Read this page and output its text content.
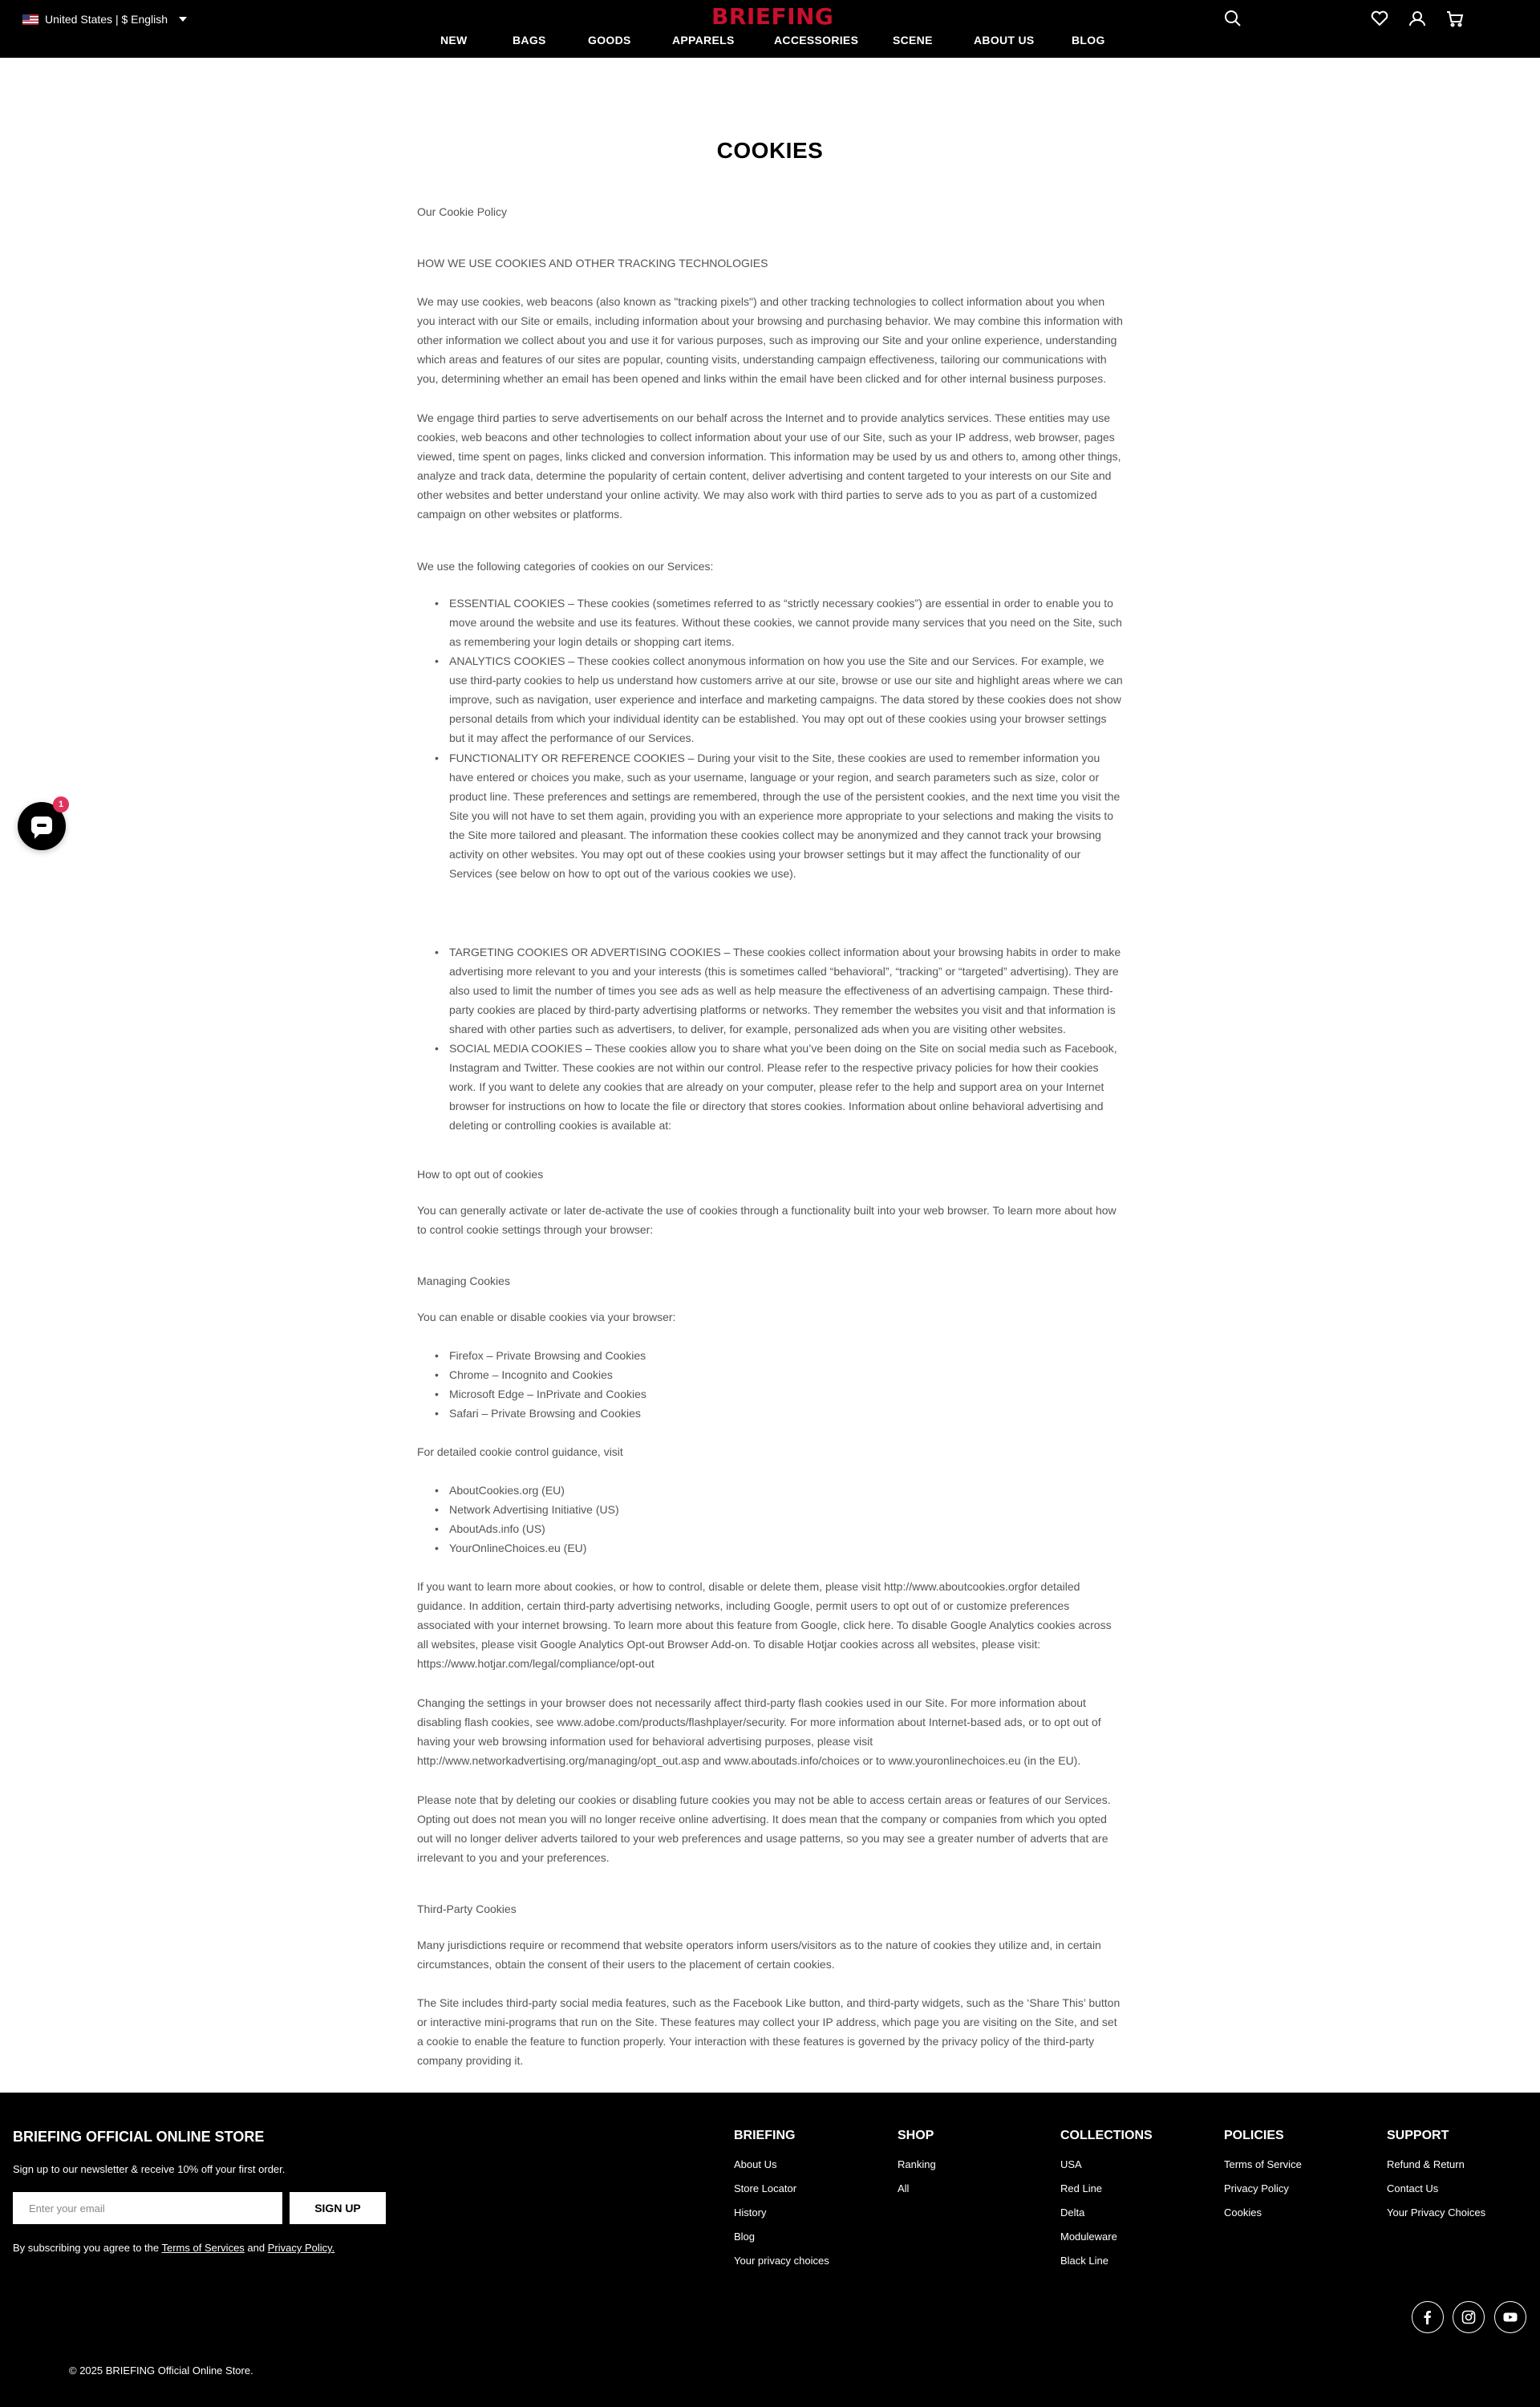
United States | $ English	BRIEFING
NEW	BAGS	GOODS	APPARELS	ACCESSORIES	SCENE	ABOUT US	BLOG
COOKIES
Our Cookie Policy
HOW WE USE COOKIES AND OTHER TRACKING TECHNOLOGIES
We may use cookies, web beacons (also known as "tracking pixels") and other tracking technologies to collect information about you when you interact with our Site or emails, including information about your browsing and purchasing behavior. We may combine this information with other information we collect about you and use it for various purposes, such as improving our Site and your online experience, understanding which areas and features of our sites are popular, counting visits, understanding campaign effectiveness, tailoring our communications with you, determining whether an email has been opened and links within the email have been clicked and for other internal business purposes.
We engage third parties to serve advertisements on our behalf across the Internet and to provide analytics services. These entities may use cookies, web beacons and other technologies to collect information about your use of our Site, such as your IP address, web browser, pages viewed, time spent on pages, links clicked and conversion information. This information may be used by us and others to, among other things, analyze and track data, determine the popularity of certain content, deliver advertising and content targeted to your interests on our Site and other websites and better understand your online activity. We may also work with third parties to serve ads to you as part of a customized campaign on other websites or platforms.
We use the following categories of cookies on our Services:
• ESSENTIAL COOKIES – These cookies (sometimes referred to as “strictly necessary cookies”) are essential in order to enable you to move around the website and use its features. Without these cookies, we cannot provide many services that you need on the Site, such as remembering your login details or shopping cart items.
• ANALYTICS COOKIES – These cookies collect anonymous information on how you use the Site and our Services. For example, we use third-party cookies to help us understand how customers arrive at our site, browse or use our site and highlight areas where we can improve, such as navigation, user experience and interface and marketing campaigns. The data stored by these cookies does not show personal details from which your individual identity can be established. You may opt out of these cookies using your browser settings but it may affect the performance of our Services.
• FUNCTIONALITY OR REFERENCE COOKIES – During your visit to the Site, these cookies are used to remember information you have entered or choices you make, such as your username, language or your region, and search parameters such as size, color or product line. These preferences and settings are remembered, through the use of the persistent cookies, and the next time you visit the Site you will not have to set them again, providing you with an experience more appropriate to your selections and making the visits to the Site more tailored and pleasant. The information these cookies collect may be anonymized and they cannot track your browsing activity on other websites. You may opt out of these cookies using your browser settings but it may affect the functionality of our Services (see below on how to opt out of the various cookies we use).
• TARGETING COOKIES OR ADVERTISING COOKIES – These cookies collect information about your browsing habits in order to make advertising more relevant to you and your interests (this is sometimes called “behavioral”, “tracking” or “targeted” advertising). They are also used to limit the number of times you see ads as well as help measure the effectiveness of an advertising campaign. These third-party cookies are placed by third-party advertising platforms or networks. They remember the websites you visit and that information is shared with other parties such as advertisers, to deliver, for example, personalized ads when you are visiting other websites.
• SOCIAL MEDIA COOKIES – These cookies allow you to share what you’ve been doing on the Site on social media such as Facebook, Instagram and Twitter. These cookies are not within our control. Please refer to the respective privacy policies for how their cookies work. If you want to delete any cookies that are already on your computer, please refer to the help and support area on your Internet browser for instructions on how to locate the file or directory that stores cookies. Information about online behavioral advertising and deleting or controlling cookies is available at:
How to opt out of cookies
You can generally activate or later de-activate the use of cookies through a functionality built into your web browser. To learn more about how to control cookie settings through your browser:
Managing Cookies
You can enable or disable cookies via your browser:
• Firefox – Private Browsing and Cookies
• Chrome – Incognito and Cookies
• Microsoft Edge – InPrivate and Cookies
• Safari – Private Browsing and Cookies
For detailed cookie control guidance, visit
• AboutCookies.org (EU)
• Network Advertising Initiative (US)
• AboutAds.info (US)
• YourOnlineChoices.eu (EU)
If you want to learn more about cookies, or how to control, disable or delete them, please visit http://www.aboutcookies.orgfor detailed guidance. In addition, certain third-party advertising networks, including Google, permit users to opt out of or customize preferences associated with your internet browsing. To learn more about this feature from Google, click here. To disable Google Analytics cookies across all websites, please visit Google Analytics Opt-out Browser Add-on. To disable Hotjar cookies across all websites, please visit: https://www.hotjar.com/legal/compliance/opt-out
Changing the settings in your browser does not necessarily affect third-party flash cookies used in our Site. For more information about disabling flash cookies, see www.adobe.com/products/flashplayer/security. For more information about Internet-based ads, or to opt out of having your web browsing information used for behavioral advertising purposes, please visit http://www.networkadvertising.org/managing/opt_out.asp and www.aboutads.info/choices or to www.youronlinechoices.eu (in the EU).
Please note that by deleting our cookies or disabling future cookies you may not be able to access certain areas or features of our Services. Opting out does not mean you will no longer receive online advertising. It does mean that the company or companies from which you opted out will no longer deliver adverts tailored to your web preferences and usage patterns, so you may see a greater number of adverts that are irrelevant to you and your preferences.
Third-Party Cookies
Many jurisdictions require or recommend that website operators inform users/visitors as to the nature of cookies they utilize and, in certain circumstances, obtain the consent of their users to the placement of certain cookies.
The Site includes third-party social media features, such as the Facebook Like button, and third-party widgets, such as the ‘Share This’ button or interactive mini-programs that run on the Site. These features may collect your IP address, which page you are visiting on the Site, and set a cookie to enable the feature to function properly. Your interaction with these features is governed by the privacy policy of the third-party company providing it.
1
BRIEFING OFFICIAL ONLINE STORE
Sign up to our newsletter & receive 10% off your first order.
Enter your email
SIGN UP
By subscribing you agree to the Terms of Services and Privacy Policy.
BRIEFING
About Us
Store Locator
History
Blog
Your privacy choices
SHOP
Ranking
All
COLLECTIONS
USA
Red Line
Delta
Moduleware
Black Line
POLICIES
Terms of Service
Privacy Policy
Cookies
SUPPORT
Refund & Return
Contact Us
Your Privacy Choices
© 2025 BRIEFING Official Online Store.
